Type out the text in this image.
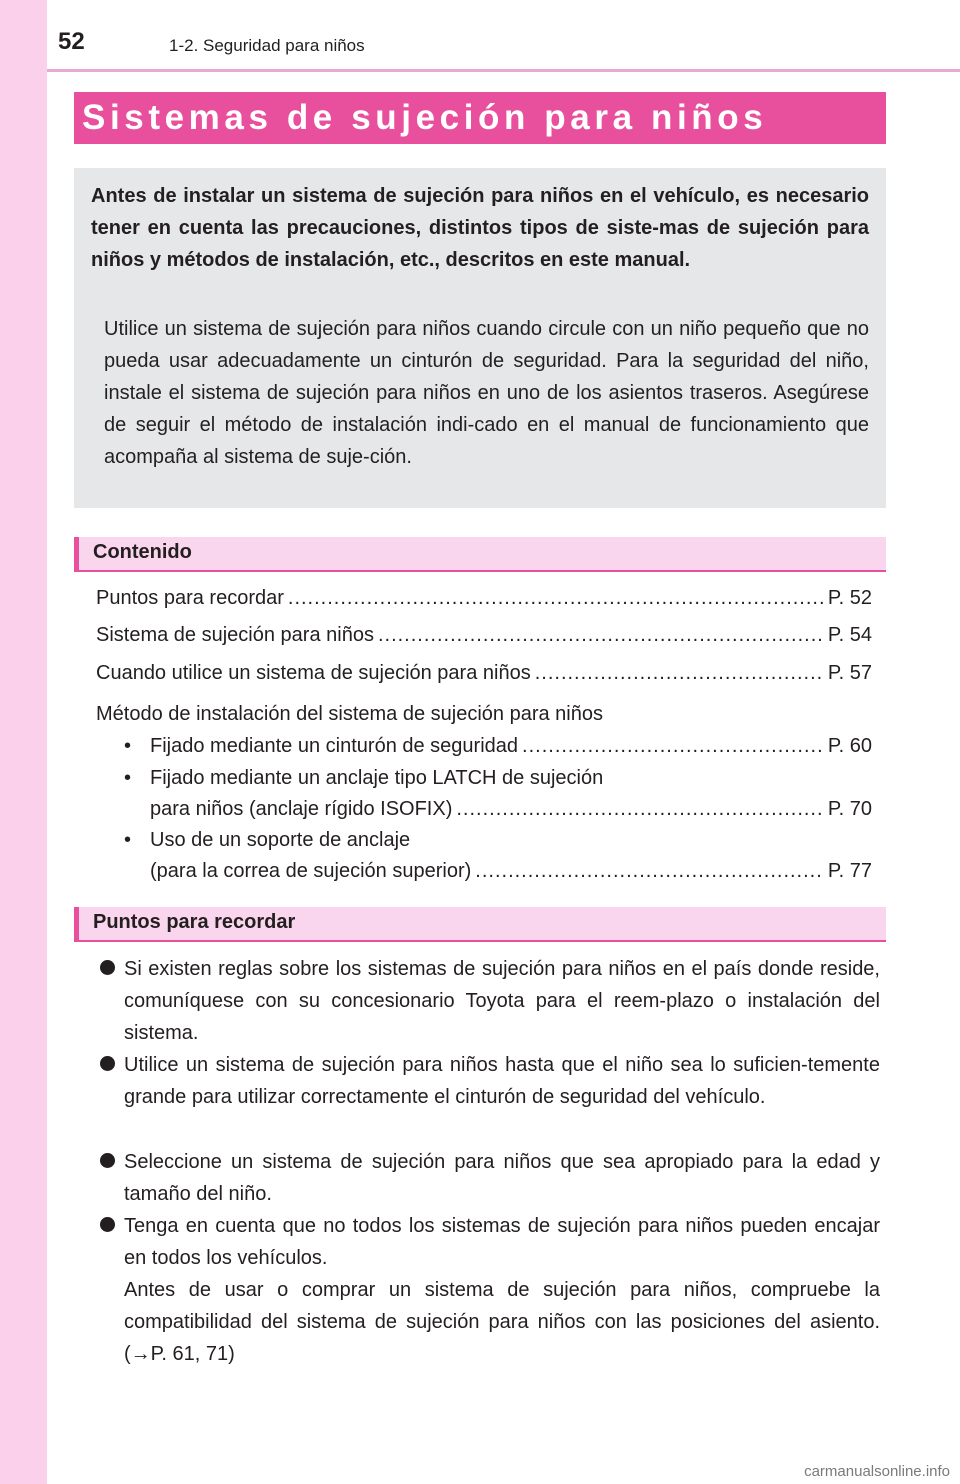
52	1-2. Seguridad para niños
Sistemas de sujeción para niños

Antes de instalar un sistema de sujeción para niños en el vehículo, es necesario tener en cuenta las precauciones, distintos tipos de siste-mas de sujeción para niños y métodos de instalación, etc., descritos en este manual.

Utilice un sistema de sujeción para niños cuando circule con un niño pequeño que no pueda usar adecuadamente un cinturón de seguridad. Para la seguridad del niño, instale el sistema de sujeción para niños en uno de los asientos traseros. Asegúrese de seguir el método de instalación indi-cado en el manual de funcionamiento que acompaña al sistema de suje-ción.

Contenido
Puntos para recordar .....	P. 52
Sistema de sujeción para niños .....	P. 54
Cuando utilice un sistema de sujeción para niños .....	P. 57
Método de instalación del sistema de sujeción para niños
• Fijado mediante un cinturón de seguridad .....	P. 60
• Fijado mediante un anclaje tipo LATCH de sujeción
para niños (anclaje rígido ISOFIX) .....	P. 70
• Uso de un soporte de anclaje
(para la correa de sujeción superior) .....	P. 77
Puntos para recordar

Si existen reglas sobre los sistemas de sujeción para niños en el país donde reside, comuníquese con su concesionario Toyota para el reem-plazo o instalación del sistema.

Utilice un sistema de sujeción para niños hasta que el niño sea lo suficien-temente grande para utilizar correctamente el cinturón de seguridad del vehículo.

Seleccione un sistema de sujeción para niños que sea apropiado para la edad y tamaño del niño.

Tenga en cuenta que no todos los sistemas de sujeción para niños pueden encajar en todos los vehículos.

Antes de usar o comprar un sistema de sujeción para niños, compruebe la compatibilidad del sistema de sujeción para niños con las posiciones del asiento. (→P. 61, 71)

carmanualsonline.info
